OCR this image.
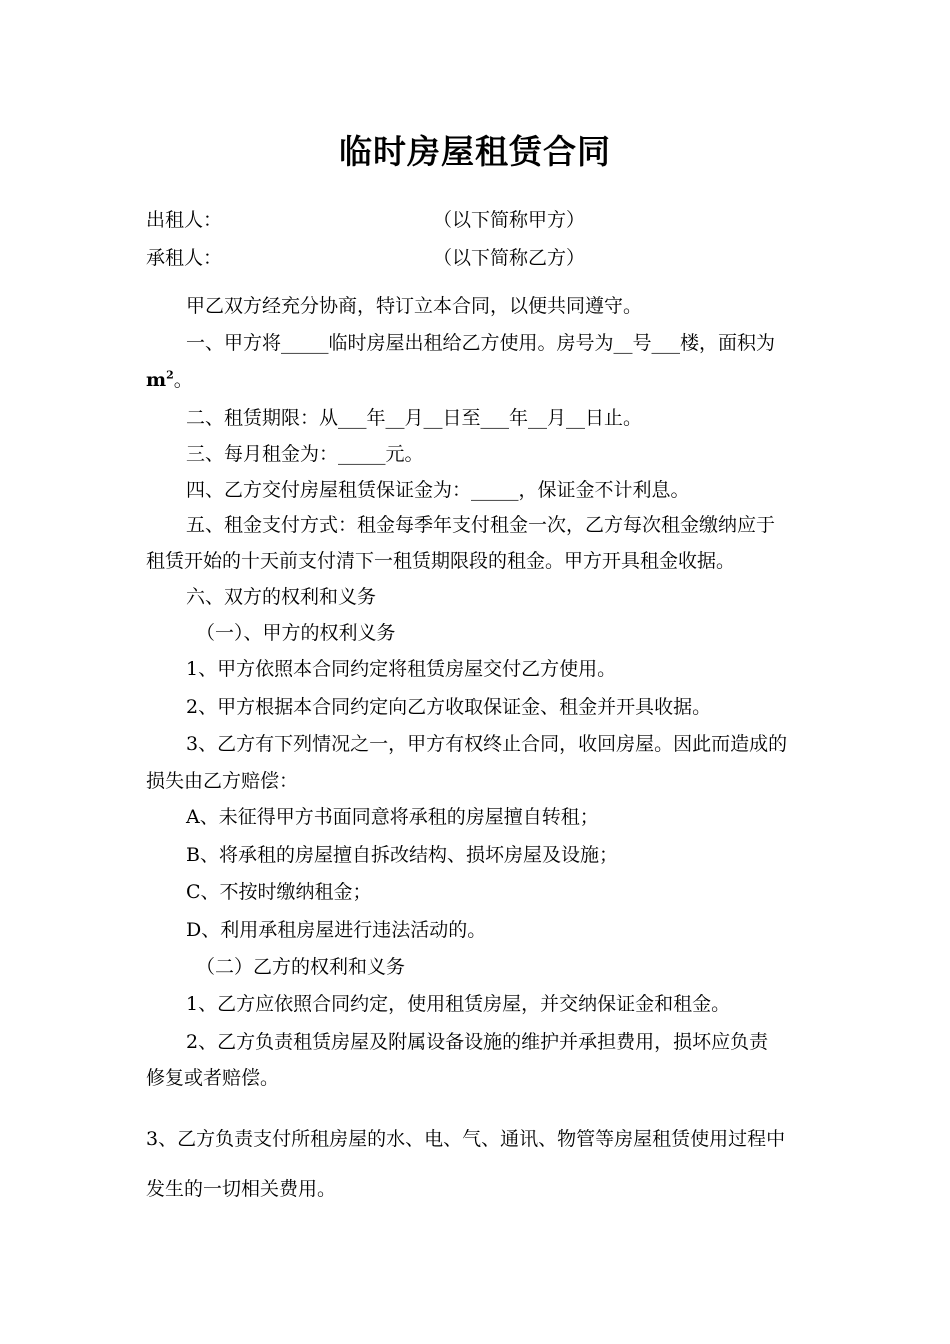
临时房屋租赁合同
出租人：	（以下简称甲方）
承租人：	（以下简称乙方）
甲乙双方经充分协商，特订立本合同，以便共同遵守。
一、甲方将_____临时房屋出租给乙方使用。房号为__号___楼，面积为
$m^2$。
二、租赁期限：从___年__月__日至___年__月__日止。
三、每月租金为：_____元。
四、乙方交付房屋租赁保证金为：_____，保证金不计利息。
五、租金支付方式：租金每季年支付租金一次，乙方每次租金缴纳应于
租赁开始的十天前支付清下一租赁期限段的租金。甲方开具租金收据。
六、双方的权利和义务
（一）、甲方的权利义务
1、甲方依照本合同约定将租赁房屋交付乙方使用。
2、甲方根据本合同约定向乙方收取保证金、租金并开具收据。
3、乙方有下列情况之一，甲方有权终止合同，收回房屋。因此而造成的
损失由乙方赔偿：
A、未征得甲方书面同意将承租的房屋擅自转租；
B、将承租的房屋擅自拆改结构、损坏房屋及设施；
C、不按时缴纳租金；
D、利用承租房屋进行违法活动的。
（二）乙方的权利和义务
1、乙方应依照合同约定，使用租赁房屋，并交纳保证金和租金。
2、乙方负责租赁房屋及附属设备设施的维护并承担费用，损坏应负责
修复或者赔偿。
3、乙方负责支付所租房屋的水、电、气、通讯、物管等房屋租赁使用过程中
发生的一切相关费用。
